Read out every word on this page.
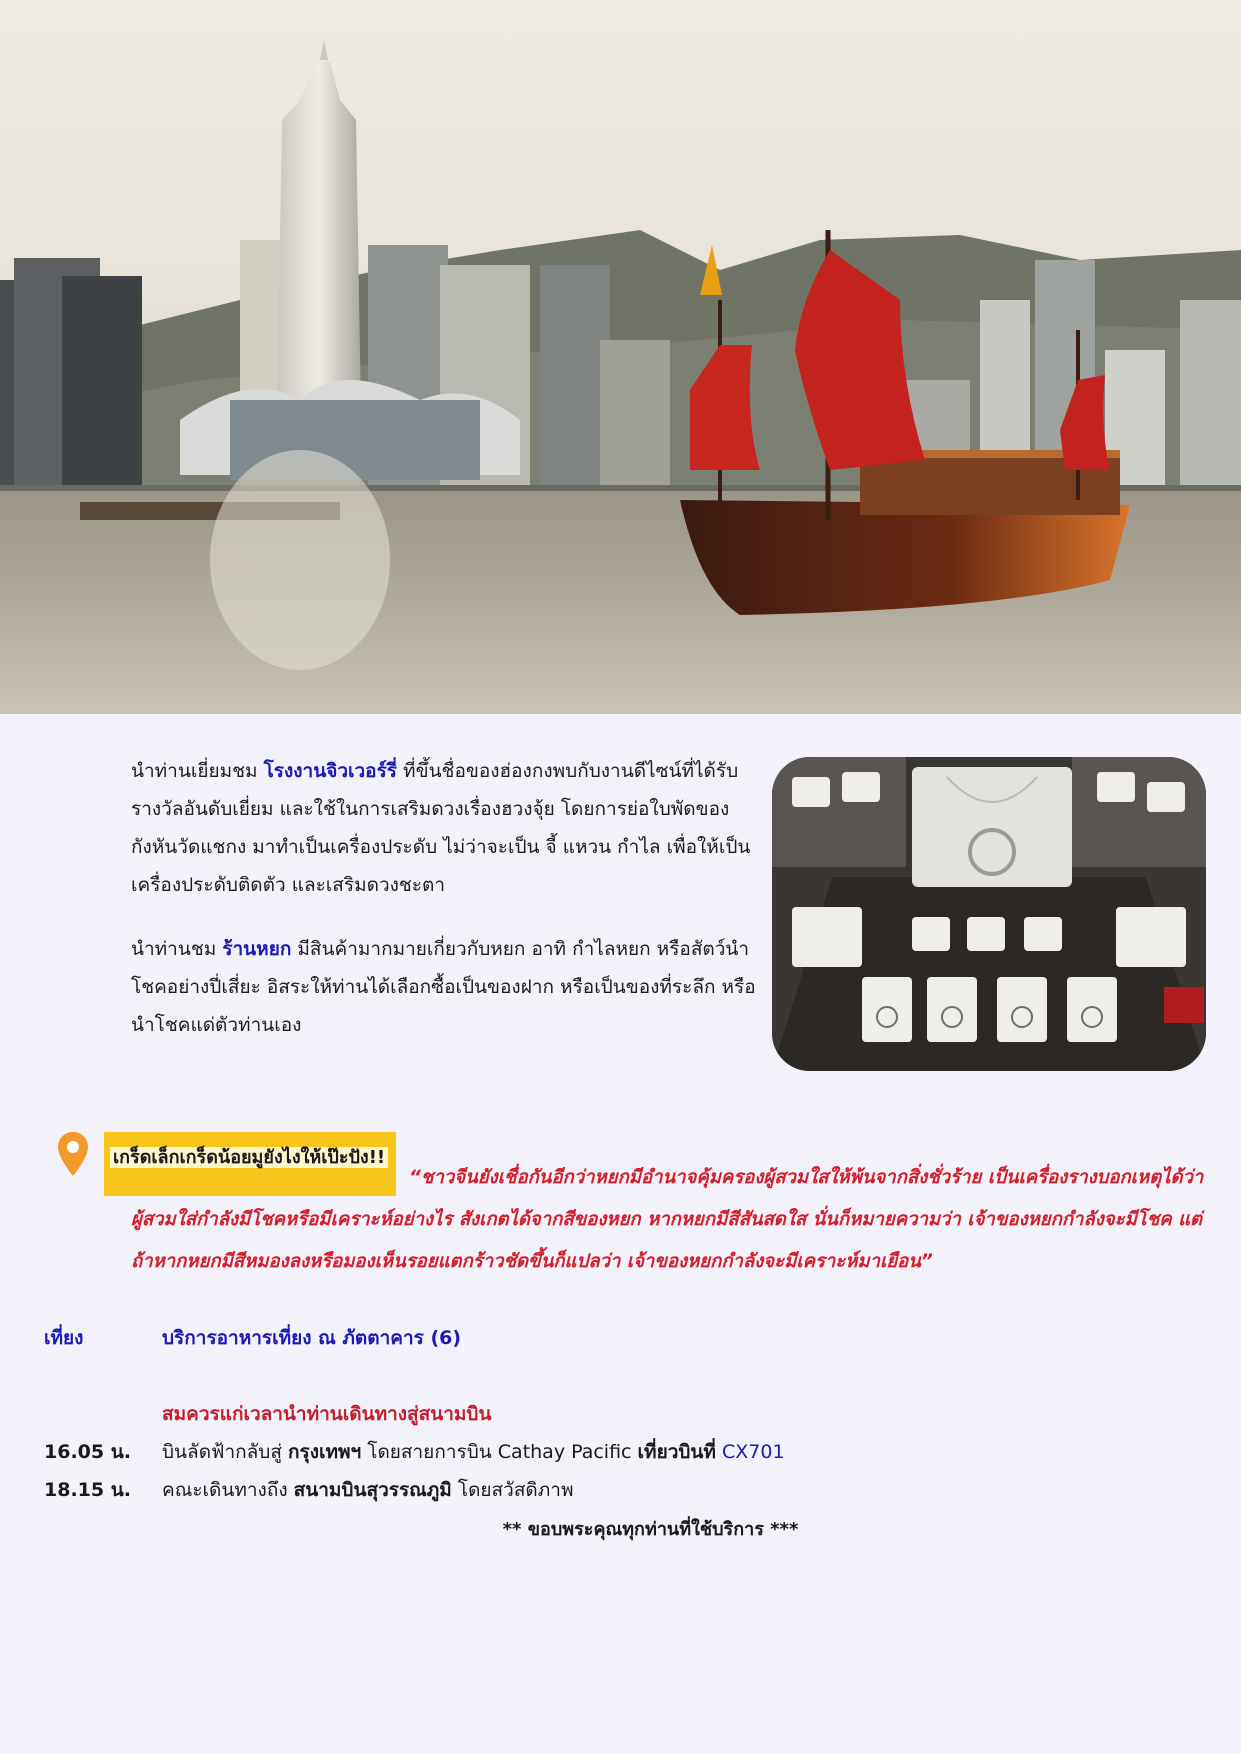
นำท่านเยี่ยมชม โรงงานจิวเวอร์รี่ ที่ขึ้นชื่อของฮ่องกงพบกับงานดีไซน์ที่ได้รับรางวัลอันดับเยี่ยม และใช้ในการเสริมดวงเรื่องฮวงจุ้ย โดยการย่อใบพัดของกังหันวัดแชกง มาทำเป็นเครื่องประดับ ไม่ว่าจะเป็น จี้ แหวน กำไล เพื่อให้เป็นเครื่องประดับติดตัว และเสริมดวงชะตา

นำท่านชม ร้านหยก มีสินค้ามากมายเกี่ยวกับหยก อาทิ กำไลหยก หรือสัตว์นำโชคอย่างปี่เสี่ยะ อิสระให้ท่านได้เลือกซื้อเป็นของฝาก หรือเป็นของที่ระลึก หรือนำโชคแด่ตัวท่านเอง

เกร็ดเล็กเกร็ดน้อยมูยังไงให้เป๊ะปัง!!

“ชาวจีนยังเชื่อกันอีกว่าหยกมีอำนาจคุ้มครองผู้สวมใสให้พ้นจากสิ่งชั่วร้าย เป็นเครื่องรางบอกเหตุได้ว่าผู้สวมใส่กำลังมีโชคหรือมีเคราะห์อย่างไร สังเกตได้จากสีของหยก หากหยกมีสีสันสดใส นั่นก็หมายความว่า เจ้าของหยกกำลังจะมีโชค แต่ถ้าหากหยกมีสีหมองลงหรือมองเห็นรอยแตกร้าวชัดขึ้นก็แปลว่า เจ้าของหยกกำลังจะมีเคราะห์มาเยือน”

เที่ยง	บริการอาหารเที่ยง ณ ภัตตาคาร (6)
สมควรแก่เวลานำท่านเดินทางสู่สนามบิน
16.05 น. บินลัดฟ้ากลับสู่ กรุงเทพฯ โดยสายการบิน Cathay Pacific เที่ยวบินที่ CX701
18.15 น. คณะเดินทางถึง สนามบินสุวรรณภูมิ โดยสวัสดิภาพ
** ขอบพระคุณทุกท่านที่ใช้บริการ ***
